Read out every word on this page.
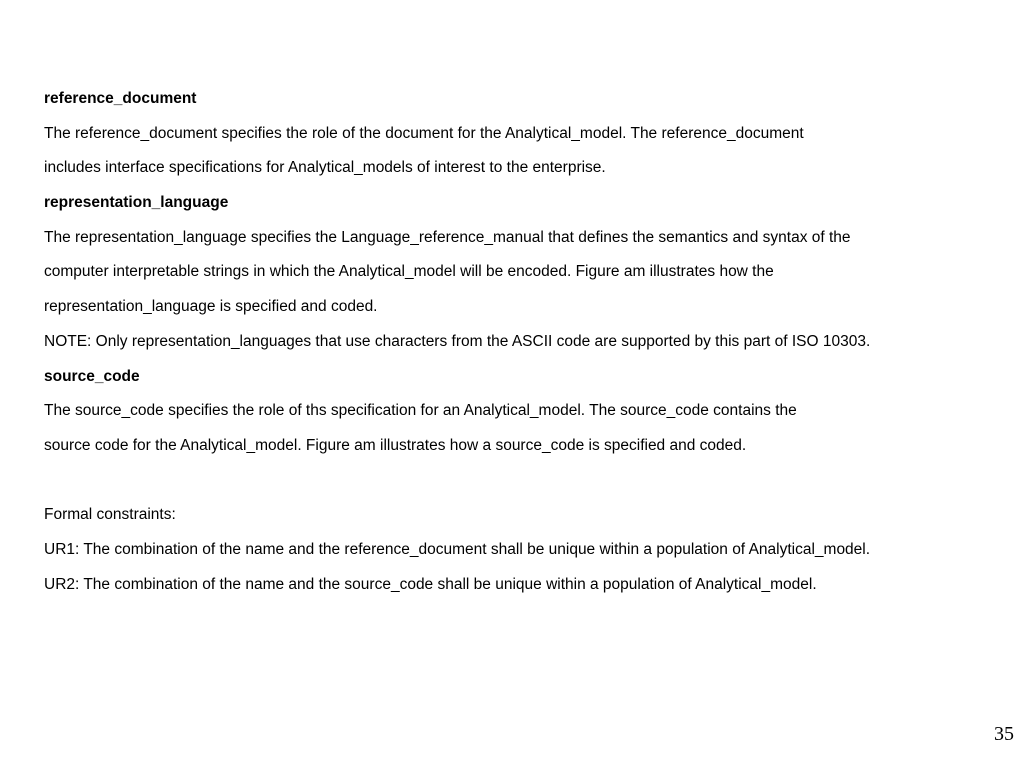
reference_document
The reference_document specifies the role of the document for the Analytical_model. The reference_document
includes interface specifications for Analytical_models of interest to the enterprise.
representation_language
The representation_language specifies the Language_reference_manual that defines the semantics and syntax of the
computer interpretable strings in which the Analytical_model will be encoded. Figure am illustrates how the
representation_language is specified and coded.
NOTE: Only representation_languages that use characters from the ASCII code are supported by this part of ISO 10303.
source_code
The source_code specifies the role of ths specification for an Analytical_model. The source_code contains the
source code for the Analytical_model. Figure am illustrates how a source_code is specified and coded.
Formal constraints:
UR1: The combination of the name and the reference_document shall be unique within a population of Analytical_model.
UR2: The combination of the name and the source_code shall be unique within a population of Analytical_model.
35
